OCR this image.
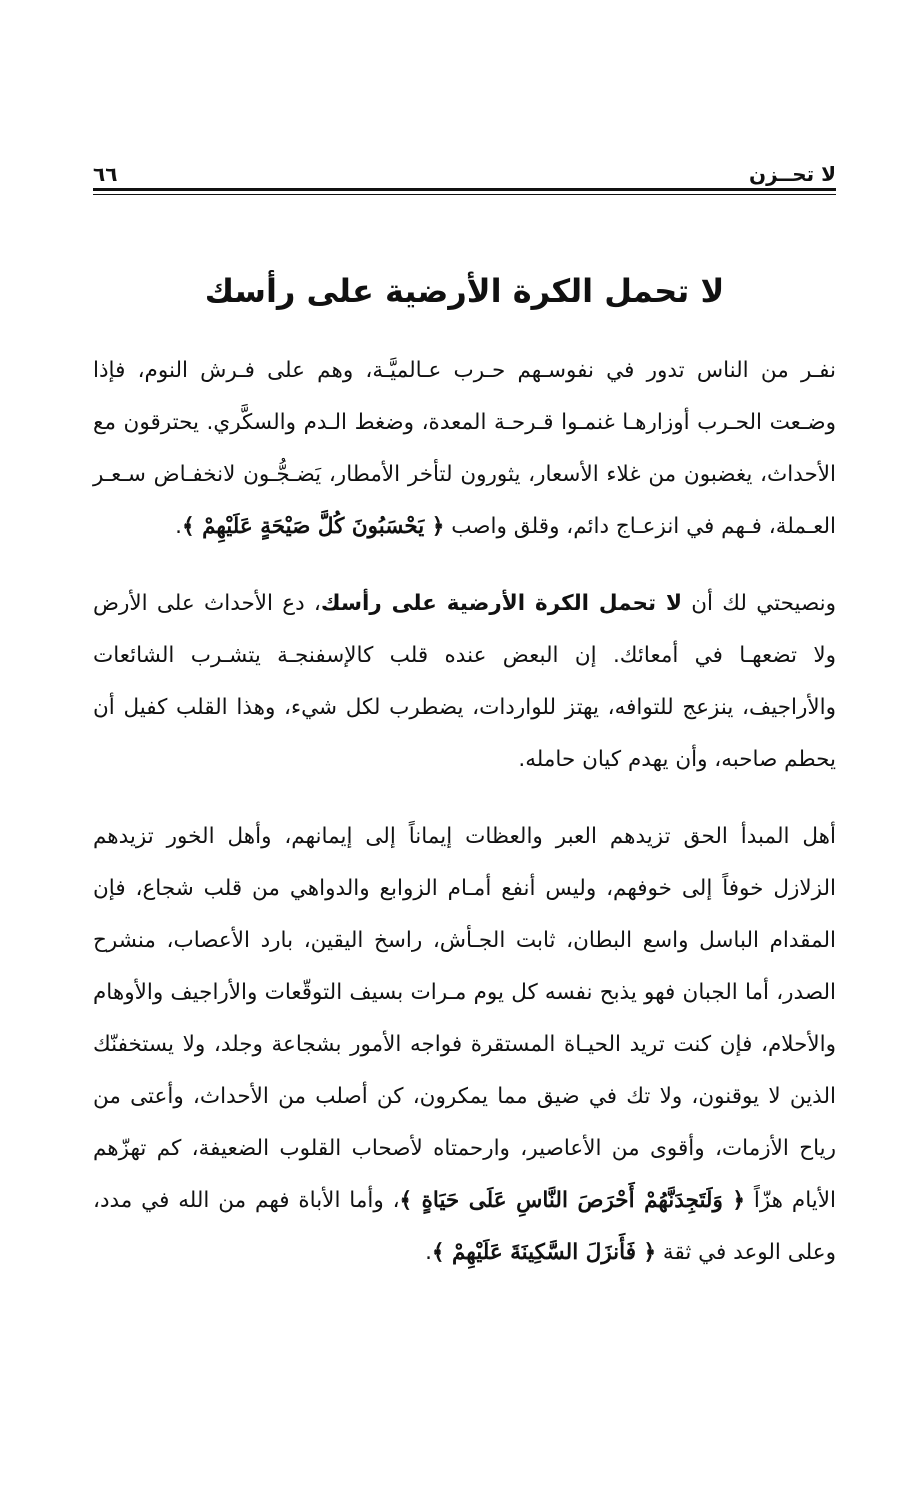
لا تحــزن
٦٦
لا تحمل الكرة الأرضية على رأسك

نفـر من الناس تدور في نفوسـهم حـرب عـالميَّـة، وهم على فـرش النوم، فإذا وضـعت الحـرب أوزارهـا غنمـوا قـرحـة المعدة، وضغط الـدم والسكَّري. يحترقون مع الأحداث، يغضبون من غلاء الأسعار، يثورون لتأخر الأمطار، يَضـجُّـون لانخفـاض سـعـر العـملة، فـهم في انزعـاج دائم، وقلق واصب ﴿ يَحْسَبُونَ كُلَّ صَيْحَةٍ عَلَيْهِمْ ﴾.

ونصيحتي لك أن لا تحمل الكرة الأرضية على رأسك، دع الأحداث على الأرض ولا تضعهـا في أمعائك. إن البعض عنده قلب كالإسفنجـة يتشـرب الشائعات والأراجيف، ينزعج للتوافه، يهتز للواردات، يضطرب لكل شيء، وهذا القلب كفيل أن يحطم صاحبه، وأن يهدم كيان حامله.

أهل المبدأ الحق تزيدهم العبر والعظات إيماناً إلى إيمانهم، وأهل الخور تزيدهم الزلازل خوفاً إلى خوفهم، وليس أنفع أمـام الزوابع والدواهي من قلب شجاع، فإن المقدام الباسل واسع البطان، ثابت الجـأش، راسخ اليقين، بارد الأعصاب، منشرح الصدر، أما الجبان فهو يذبح نفسه كل يوم مـرات بسيف التوقّعات والأراجيف والأوهام والأحلام، فإن كنت تريد الحيـاة المستقرة فواجه الأمور بشجاعة وجلد، ولا يستخفنّك الذين لا يوقنون، ولا تك في ضيق مما يمكرون، كن أصلب من الأحداث، وأعتى من رياح الأزمات، وأقوى من الأعاصير، وارحمتاه لأصحاب القلوب الضعيفة، كم تهزّهم الأيام هزّاً ﴿ وَلَتَجِدَنَّهُمْ أَحْرَصَ النَّاسِ عَلَى حَيَاةٍ ﴾، وأما الأباة فهم من الله في مدد، وعلى الوعد في ثقة ﴿ فَأَنزَلَ السَّكِينَةَ عَلَيْهِمْ ﴾.
